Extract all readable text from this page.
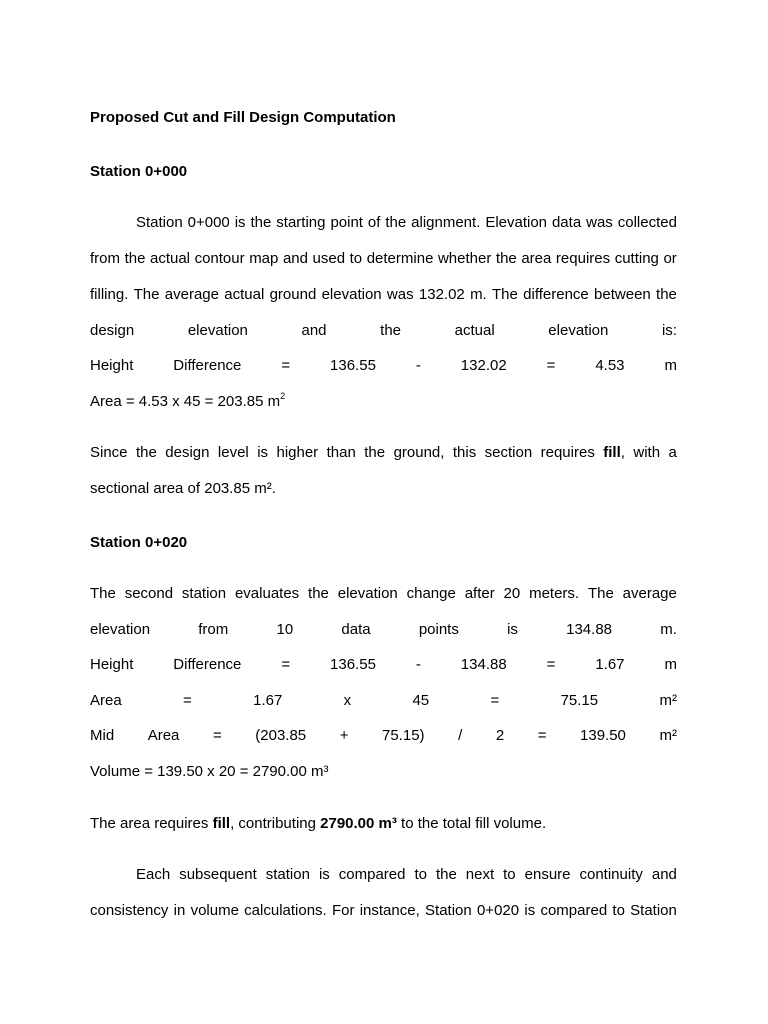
Proposed Cut and Fill Design Computation
Station 0+000
Station 0+000 is the starting point of the alignment. Elevation data was collected
from the actual contour map and used to determine whether the area requires cutting or
filling. The average actual ground elevation was 132.02 m. The difference between the
design	elevation	and	the	actual	elevation	is:
Height	Difference	=	136.55	-	132.02	=	4.53	m
Area = 4.53 x 45 = 203.85 $m^2$
Since the design level is higher than the ground, this section requires fill, with a
sectional area of 203.85 m².
Station 0+020
The second station evaluates the elevation change after 20 meters. The average
elevation	from	10	data	points	is	134.88	m.
Height	Difference	=	136.55	-	134.88	=	1.67	m
Area	=	1.67	x	45	=	75.15	m²
Mid Area = (203.85 + 75.15) / 2 = 139.50 m²
Volume = 139.50 x 20 = 2790.00 m³
The area requires fill, contributing 2790.00 m³ to the total fill volume.
Each subsequent station is compared to the next to ensure continuity and
consistency in volume calculations. For instance, Station 0+020 is compared to Station
